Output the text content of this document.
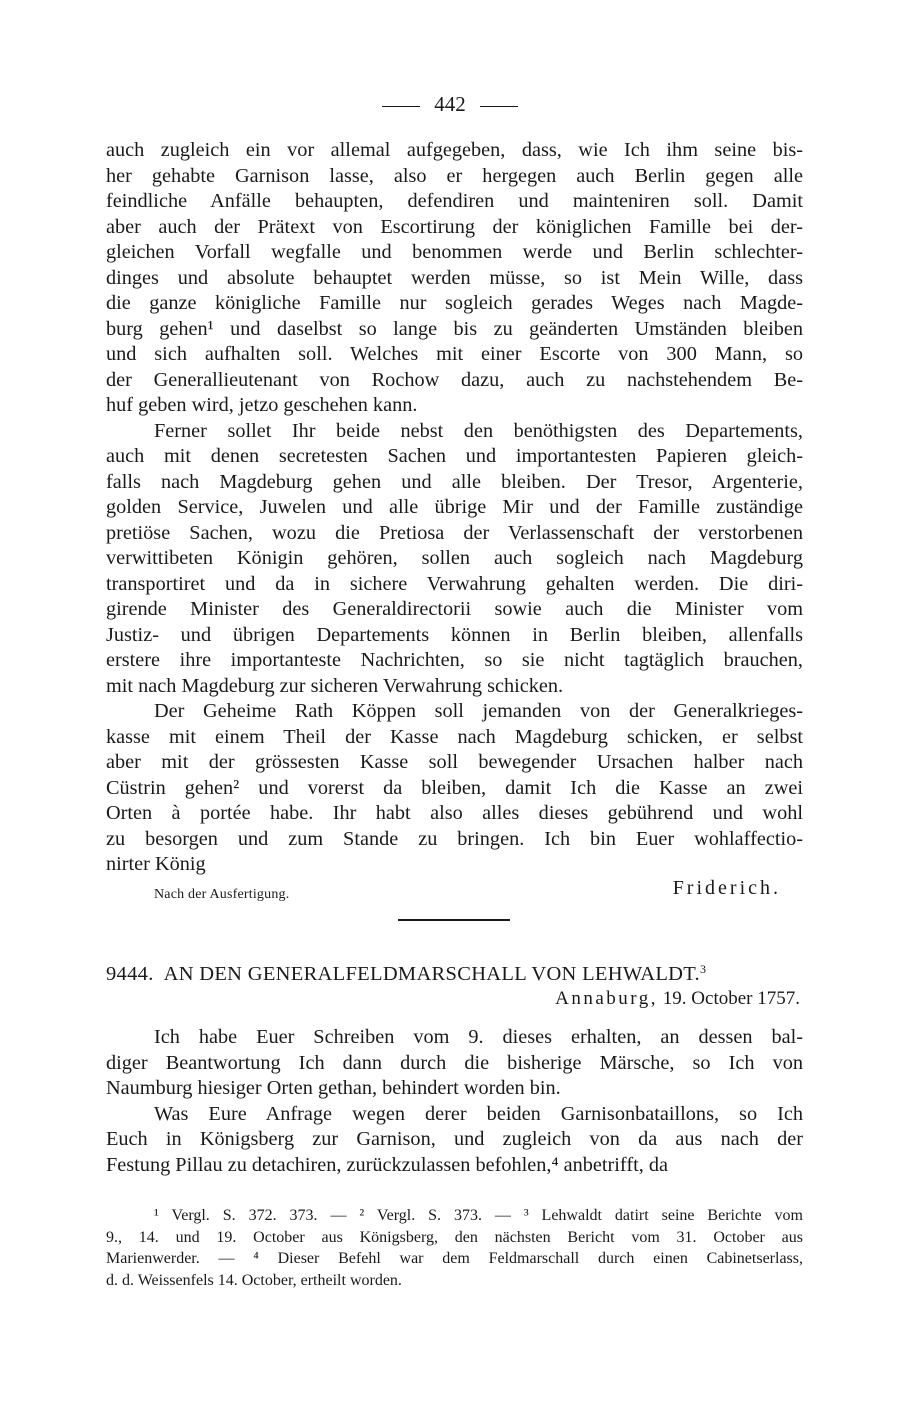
442
auch zugleich ein vor allemal aufgegeben, dass, wie Ich ihm seine bis-
her gehabte Garnison lasse, also er hergegen auch Berlin gegen alle
feindliche Anfälle behaupten, defendiren und mainteniren soll. Damit
aber auch der Prätext von Escortirung der königlichen Famille bei der-
gleichen Vorfall wegfalle und benommen werde und Berlin schlechter-
dinges und absolute behauptet werden müsse, so ist Mein Wille, dass
die ganze königliche Famille nur sogleich gerades Weges nach Magde-
burg gehen¹ und daselbst so lange bis zu geänderten Umständen bleiben
und sich aufhalten soll. Welches mit einer Escorte von 300 Mann, so
der Generallieutenant von Rochow dazu, auch zu nachstehendem Be-
huf geben wird, jetzo geschehen kann.
Ferner sollet Ihr beide nebst den benöthigsten des Departements,
auch mit denen secretesten Sachen und importantesten Papieren gleich-
falls nach Magdeburg gehen und alle bleiben. Der Tresor, Argenterie,
golden Service, Juwelen und alle übrige Mir und der Famille zuständige
pretiöse Sachen, wozu die Pretiosa der Verlassenschaft der verstorbenen
verwittibeten Königin gehören, sollen auch sogleich nach Magdeburg
transportiret und da in sichere Verwahrung gehalten werden. Die diri-
girende Minister des Generaldirectorii sowie auch die Minister vom
Justiz- und übrigen Departements können in Berlin bleiben, allenfalls
erstere ihre importanteste Nachrichten, so sie nicht tagtäglich brauchen,
mit nach Magdeburg zur sicheren Verwahrung schicken.
Der Geheime Rath Köppen soll jemanden von der Generalkrieges-
kasse mit einem Theil der Kasse nach Magdeburg schicken, er selbst
aber mit der grössesten Kasse soll bewegender Ursachen halber nach
Cüstrin gehen² und vorerst da bleiben, damit Ich die Kasse an zwei
Orten à portée habe. Ihr habt also alles dieses gebührend und wohl
zu besorgen und zum Stande zu bringen. Ich bin Euer wohlaffectio-
nirter König
Nach der Ausfertigung.	Friderich.
9444. AN DEN GENERALFELDMARSCHALL VON LEHWALDT.$^3$
Annaburg, 19. October 1757.
Ich habe Euer Schreiben vom 9. dieses erhalten, an dessen bal-
diger Beantwortung Ich dann durch die bisherige Märsche, so Ich von
Naumburg hiesiger Orten gethan, behindert worden bin.
Was Eure Anfrage wegen derer beiden Garnisonbataillons, so Ich
Euch in Königsberg zur Garnison, und zugleich von da aus nach der
Festung Pillau zu detachiren, zurückzulassen befohlen,⁴ anbetrifft, da
¹ Vergl. S. 372. 373. — ² Vergl. S. 373. — ³ Lehwaldt datirt seine Berichte vom
9., 14. und 19. October aus Königsberg, den nächsten Bericht vom 31. October aus
Marienwerder. — ⁴ Dieser Befehl war dem Feldmarschall durch einen Cabinetserlass,
d. d. Weissenfels 14. October, ertheilt worden.
